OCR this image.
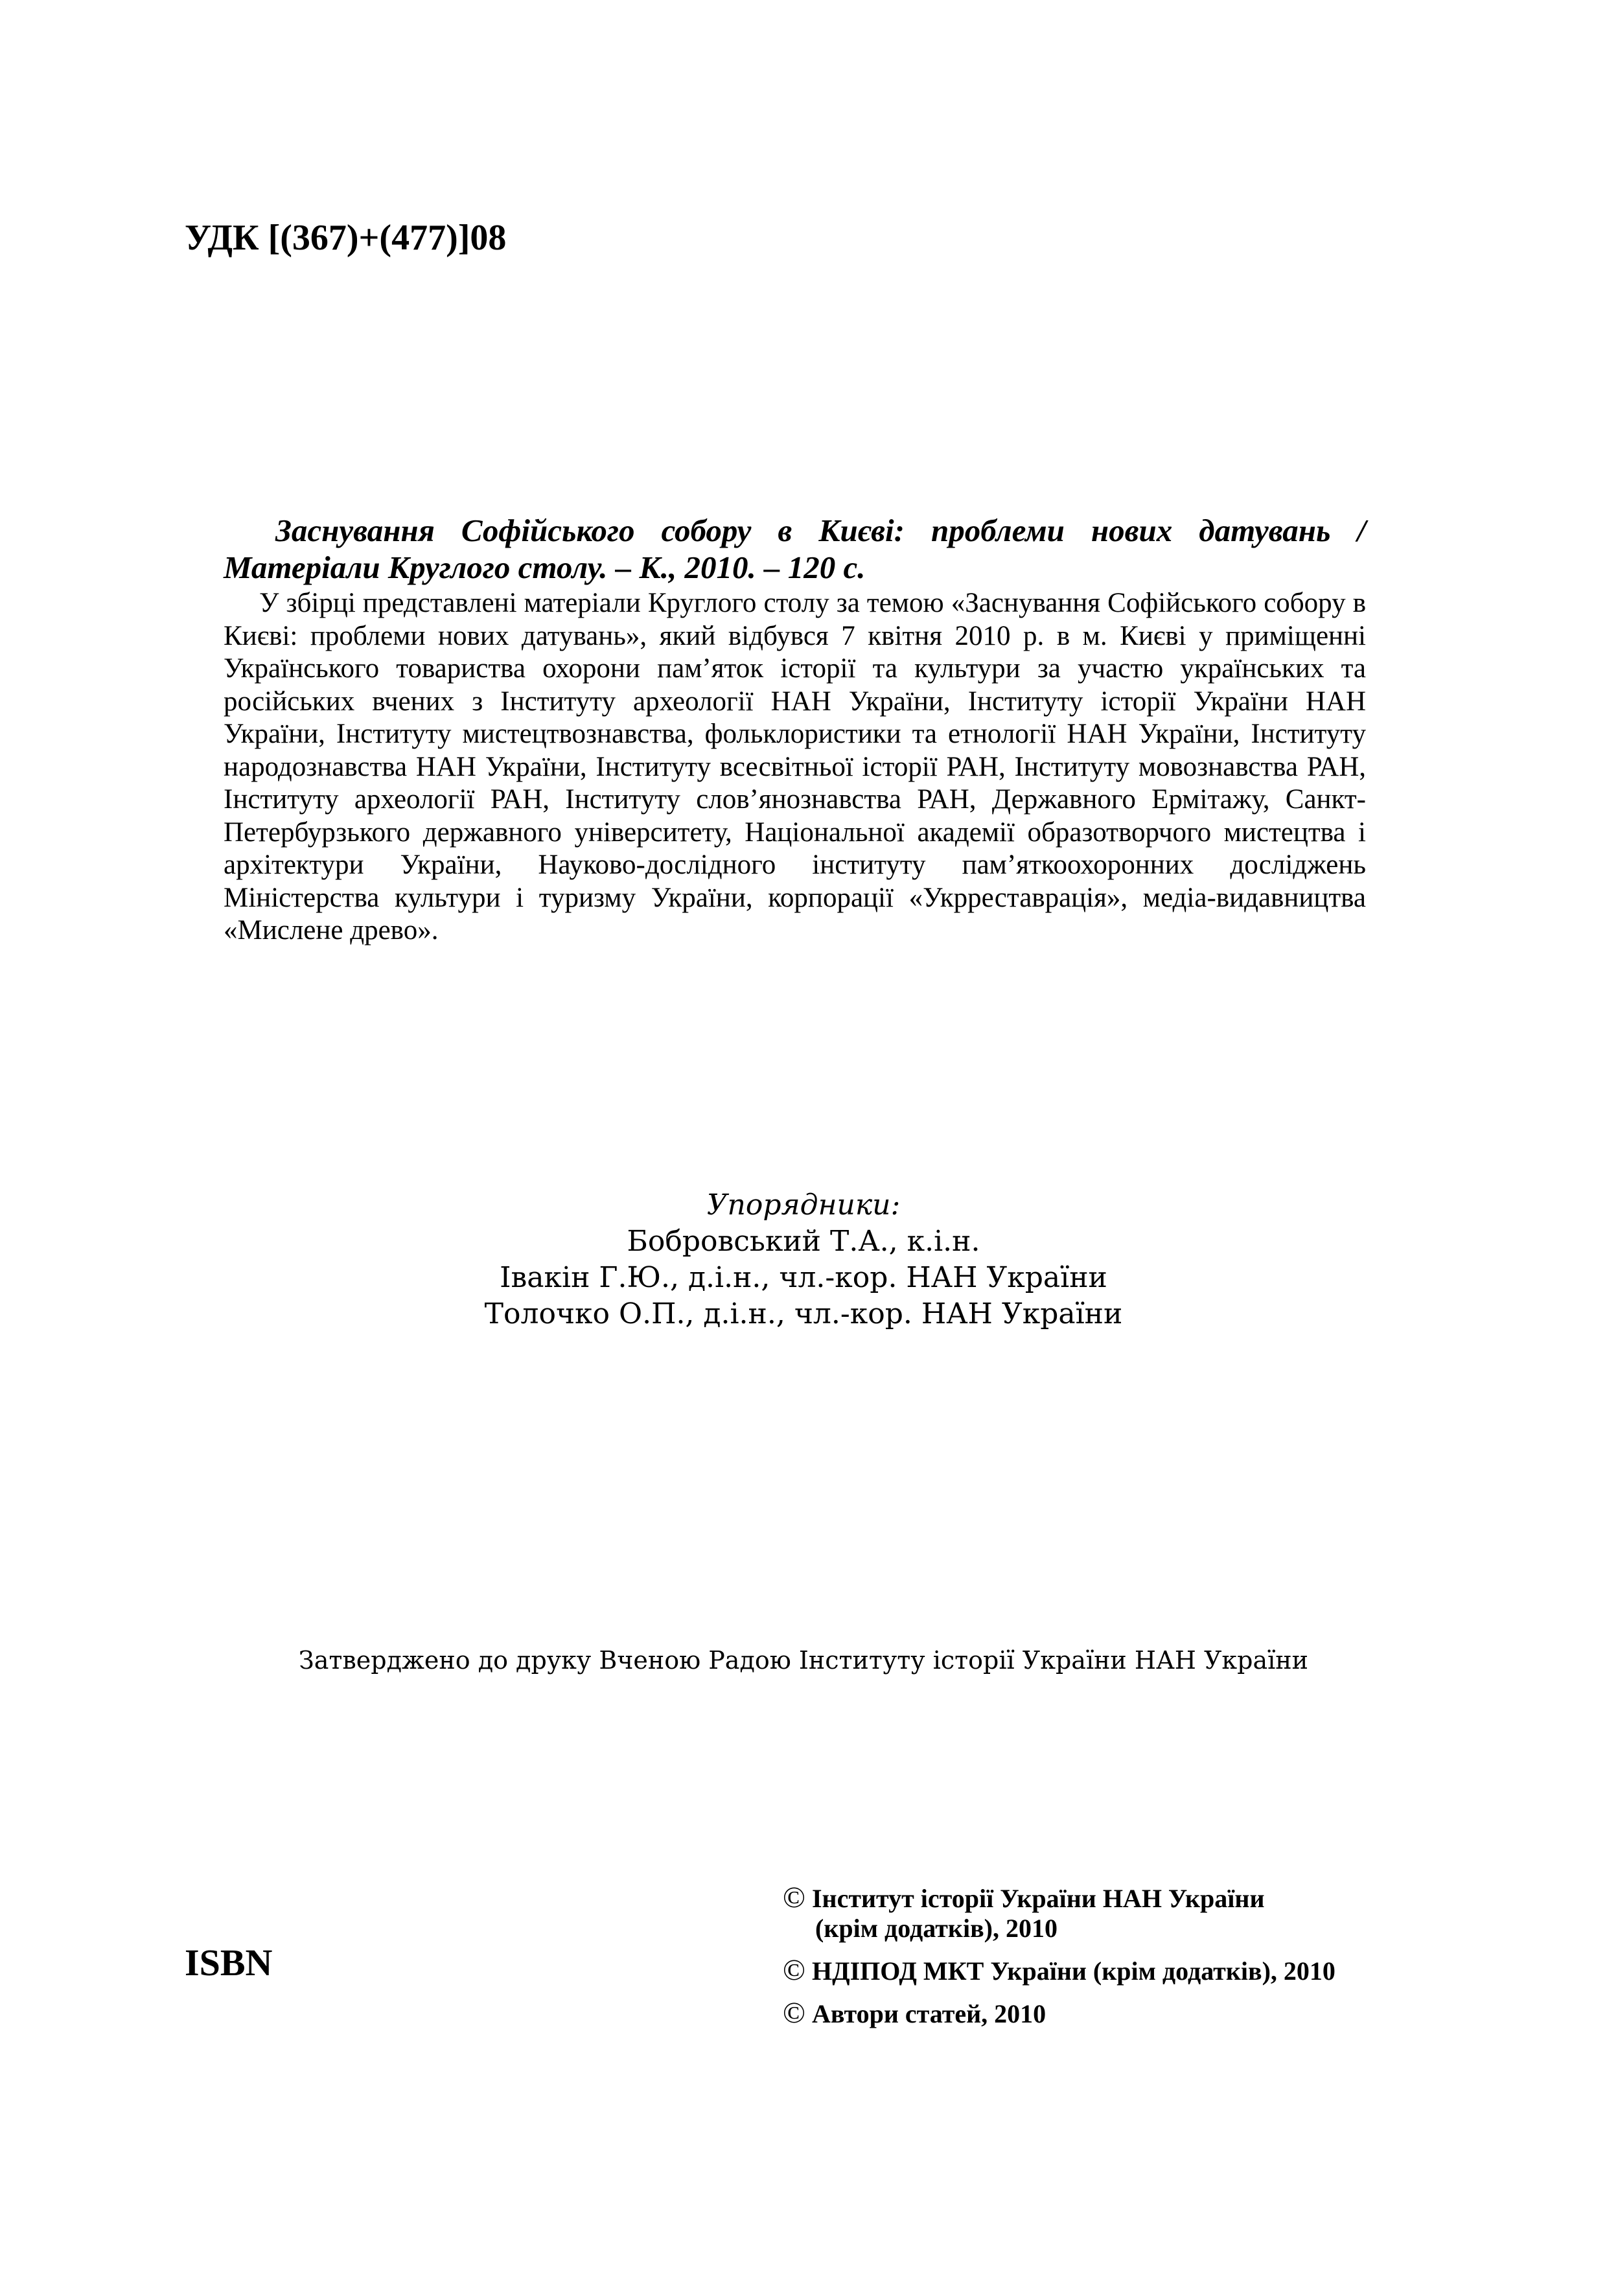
УДК [(367)+(477)]08

Заснування Софійського собору в Києві: проблеми нових датувань / Матеріали Круглого столу. – К., 2010. – 120 с.

У збірці представлені матеріали Круглого столу за темою «Заснування Софійського собору в Києві: проблеми нових датувань», який відбувся 7 квітня 2010 р. в м. Києві у приміщенні Українського товариства охорони пам’яток історії та культури за участю українських та російських вчених з Інституту археології НАН України, Інституту історії України НАН України, Інституту мистецтвознавства, фольклористики та етнології НАН України, Інституту народознавства НАН України, Інституту всесвітньої історії РАН, Інституту мовознавства РАН, Інституту археології РАН, Інституту слов’янознавства РАН, Державного Ермітажу, Санкт-Петербурзького державного університету, Національної академії образотворчого мистецтва і архітектури України, Науково-дослідного інституту пам’яткоохоронних досліджень Міністерства культури і туризму України, корпорації «Укрреставрація», медіа-видавництва «Мислене древо».

Упорядники:
Бобровський Т.А., к.і.н.
Івакін Г.Ю., д.і.н., чл.-кор. НАН України
Толочко О.П., д.і.н., чл.-кор. НАН України
Затверджено до друку Вченою Радою Інституту історії України НАН України
ISBN
© Інститут історії України НАН України
(крім додатків), 2010
© НДІПОД МКТ України (крім додатків), 2010
© Автори статей, 2010
